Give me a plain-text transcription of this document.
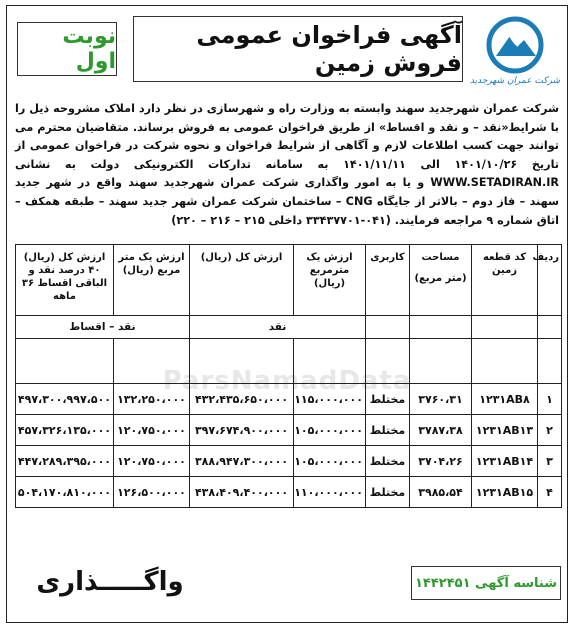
شرکت عمران شهرجدید
آگهی فراخوان عمومی فروش زمین
نوبت اول
شرکت عمران شهرجدید سهند وابسته به وزارت راه و شهرسازی در نظر دارد املاک مشروحه ذیل را با شرایط«نقد – و نقد و اقساط» از طریق فراخوان عمومی به فروش برساند. متقاضیان محترم می توانند جهت کسب اطلاعات لازم و آگاهی از شرایط فراخوان و نحوه شرکت در فراخوان عمومی از تاریخ ۱۴۰۱/۱۰/۲۶ الی ۱۴۰۱/۱۱/۱۱ به سامانه تدارکات الکترونیکی دولت به نشانی WWW.SETADIRAN.IR و یا به امور واگذاری شرکت عمران شهرجدید سهند واقع در شهر جدید سهند – فاز دوم – بالاتر از جایگاه CNG – ساختمان شرکت عمران شهر جدید سهند – طبقه همکف – اتاق شماره ۹ مراجعه فرمایند. (۰۴۱-۳۳۴۳۷۷۰۱ داخلی ۲۱۵ – ۲۱۶ – ۲۲۰)
ParsNamadData
ردیف	کد قطعه زمین	مساحت
(متر مربع)	کاربری	ارزش یک مترمربع (ریال)	ارزش کل (ریال)	ارزش یک متر مربع (ریال)	ارزش کل (ریال) ۴۰ درصد نقد و الباقی اقساط ۳۶ ماهه
				نقد		نقد – اقساط	

۱	۱۲۳۱AB۸	۳۷۶۰،۳۱	مختلط	۱۱۵،۰۰۰،۰۰۰	۴۳۲،۴۳۵،۶۵۰،۰۰۰	۱۳۲،۲۵۰،۰۰۰	۴۹۷،۳۰۰،۹۹۷،۵۰۰
۲	۱۲۳۱AB۱۳	۳۷۸۷،۳۸	مختلط	۱۰۵،۰۰۰،۰۰۰	۳۹۷،۶۷۴،۹۰۰،۰۰۰	۱۲۰،۷۵۰،۰۰۰	۴۵۷،۳۲۶،۱۳۵،۰۰۰
۳	۱۲۳۱AB۱۴	۳۷۰۴،۲۶	مختلط	۱۰۵،۰۰۰،۰۰۰	۳۸۸،۹۴۷،۳۰۰،۰۰۰	۱۲۰،۷۵۰،۰۰۰	۴۴۷،۲۸۹،۳۹۵،۰۰۰
۴	۱۲۳۱AB۱۵	۳۹۸۵،۵۴	مختلط	۱۱۰،۰۰۰،۰۰۰	۴۳۸،۴۰۹،۴۰۰،۰۰۰	۱۲۶،۵۰۰،۰۰۰	۵۰۴،۱۷۰،۸۱۰،۰۰۰
شناسه آگهی ۱۴۴۲۴۵۱
واگـــــذاری
